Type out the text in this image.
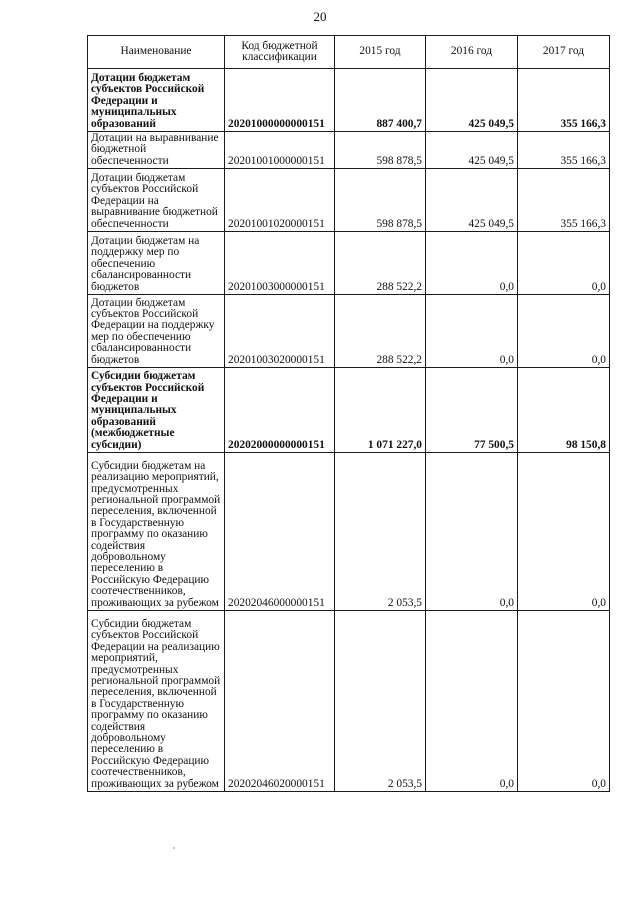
20
Наименование	Код бюджетной классификации	2015 год	2016 год	2017 год
Дотации бюджетам субъектов Российской Федерации и муниципальных образований	20201000000000151	887 400,7	425 049,5	355 166,3
Дотации на выравнивание бюджетной обеспеченности	20201001000000151	598 878,5	425 049,5	355 166,3
Дотации бюджетам субъектов Российской Федерации на выравнивание бюджетной обеспеченности	20201001020000151	598 878,5	425 049,5	355 166,3
Дотации бюджетам на поддержку мер по обеспечению сбалансированности бюджетов	20201003000000151	288 522,2	0,0	0,0
Дотации бюджетам субъектов Российской Федерации на поддержку мер по обеспечению сбалансированности бюджетов	20201003020000151	288 522,2	0,0	0,0
Субсидии бюджетам субъектов Российской Федерации и муниципальных образований (межбюджетные субсидии)	20202000000000151	1 071 227,0	77 500,5	98 150,8
Субсидии бюджетам на реализацию мероприятий, предусмотренных региональной программой переселения, включенной в Государственную программу по оказанию содействия добровольному переселению в Российскую Федерацию соотечественников, проживающих за рубежом	20202046000000151	2 053,5	0,0	0,0
Субсидии бюджетам субъектов Российской Федерации на реализацию мероприятий, предусмотренных региональной программой переселения, включенной в Государственную программу по оказанию содействия добровольному переселению в Российскую Федерацию соотечественников, проживающих за рубежом	20202046020000151	2 053,5	0,0	0,0
